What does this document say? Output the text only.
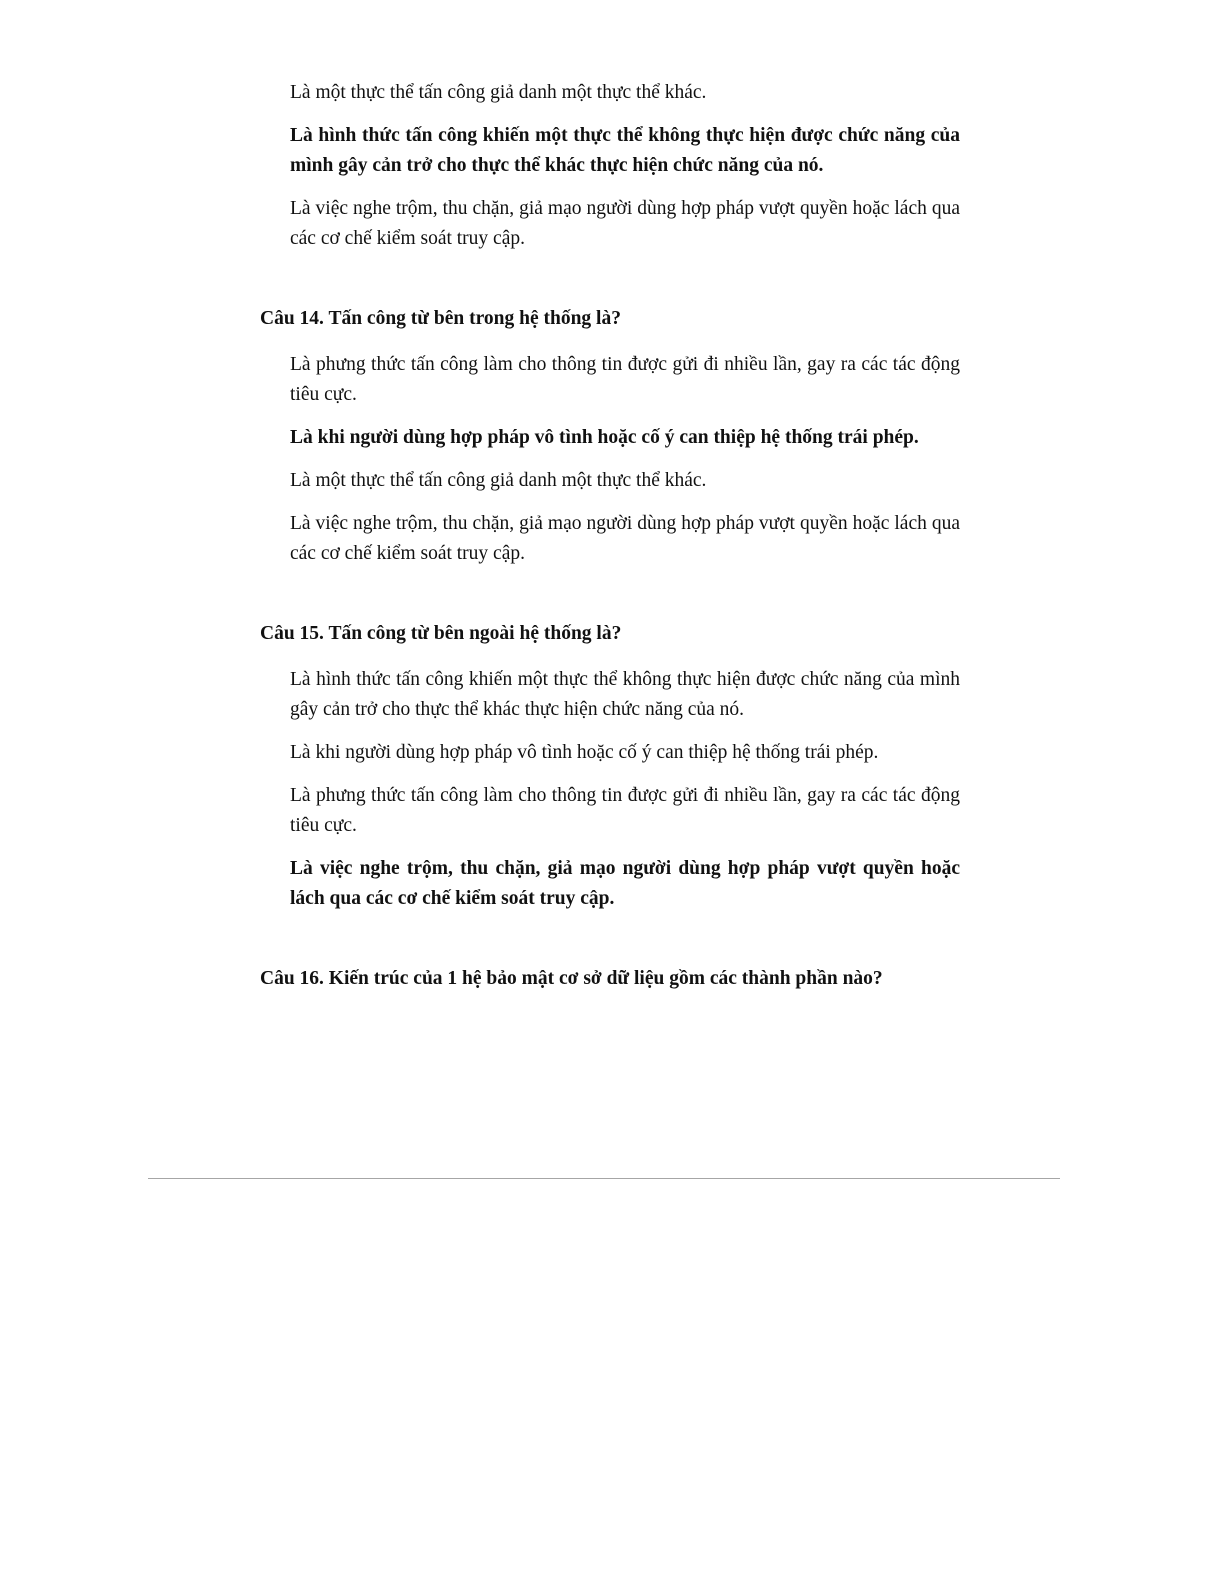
Là một thực thể tấn công giả danh một thực thể khác.

Là hình thức tấn công khiến một thực thể không thực hiện được chức năng của mình gây cản trở cho thực thể khác thực hiện chức năng của nó.

Là việc nghe trộm, thu chặn, giả mạo người dùng hợp pháp vượt quyền hoặc lách qua các cơ chế kiểm soát truy cập.

Câu 14. Tấn công từ bên trong hệ thống là?

Là phưng thức tấn công làm cho thông tin được gửi đi nhiều lần, gay ra các tác động tiêu cực.

Là khi người dùng hợp pháp vô tình hoặc cố ý can thiệp hệ thống trái phép.

Là một thực thể tấn công giả danh một thực thể khác.

Là việc nghe trộm, thu chặn, giả mạo người dùng hợp pháp vượt quyền hoặc lách qua các cơ chế kiểm soát truy cập.

Câu 15. Tấn công từ bên ngoài hệ thống là?

Là hình thức tấn công khiến một thực thể không thực hiện được chức năng của mình gây cản trở cho thực thể khác thực hiện chức năng của nó.

Là khi người dùng hợp pháp vô tình hoặc cố ý can thiệp hệ thống trái phép.

Là phưng thức tấn công làm cho thông tin được gửi đi nhiều lần, gay ra các tác động tiêu cực.

Là việc nghe trộm, thu chặn, giả mạo người dùng hợp pháp vượt quyền hoặc lách qua các cơ chế kiểm soát truy cập.

Câu 16. Kiến trúc của 1 hệ bảo mật cơ sở dữ liệu gồm các thành phần nào?
